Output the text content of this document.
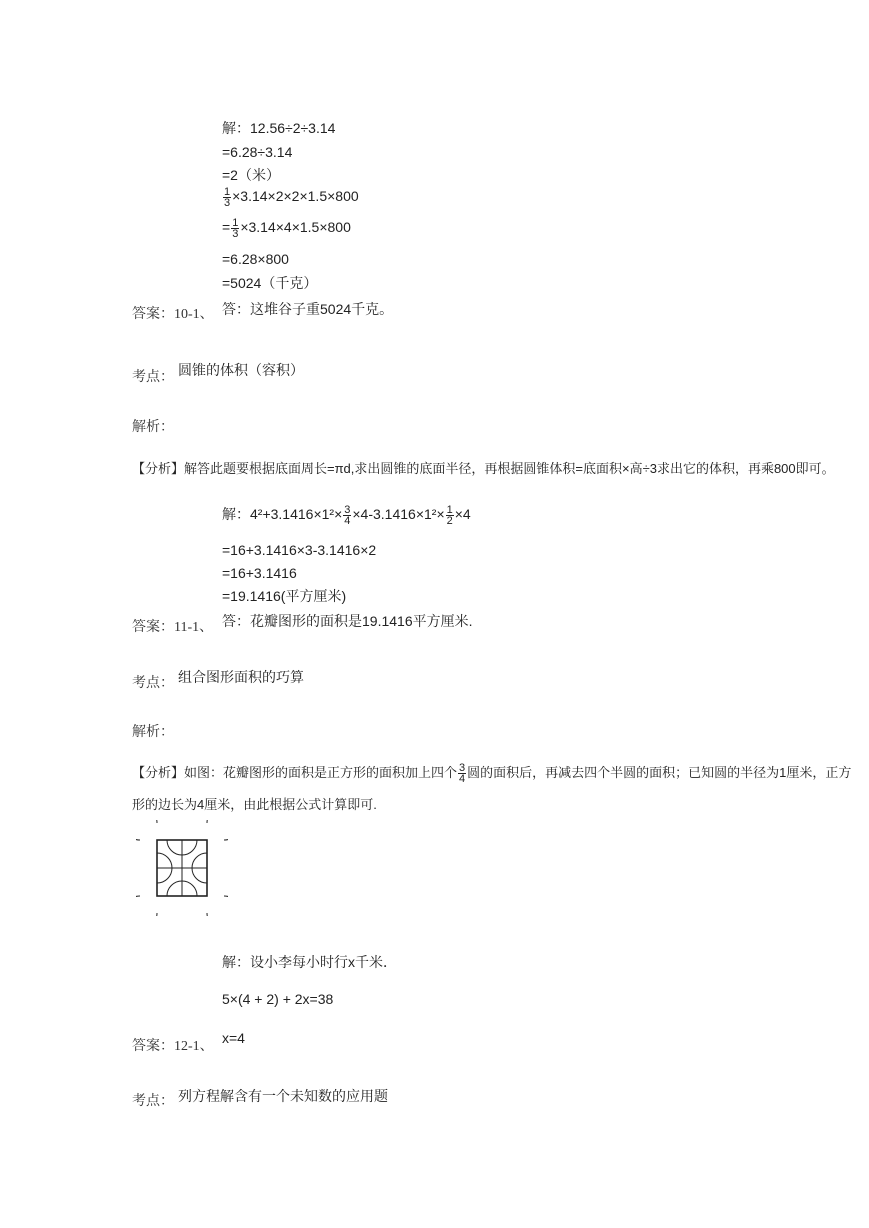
解：12.56÷2÷3.14
=6.28÷3.14
=2（米）
$\frac{1}{3} \times 3.14\times 2\times 2\times 1.5\times 800$
= $\frac{1}{3} \times 3.14\times 4\times 1.5\times 800$
=6.28×800
=5024（千克）
答案：10-1、 答：这堆谷子重5024千克。
考点： 圆锥的体积（容积）
解析：
【分析】解答此题要根据底面周长=πd,求出圆锥的底面半径，再根据圆锥体积=底面积×高÷3求出它的体积，再乘800即可。
解：$4^2+3.1416\times 1^2\times \frac{3}{4} \times 4-3.1416\times 1^2\times \frac{1}{2} \times 4$
=16+3.1416×3-3.1416×2
=16+3.1416
=19.1416(平方厘米)
答案：11-1、 答：花瓣图形的面积是19.1416平方厘米.
考点： 组合图形面积的巧算
解析：
【分析】如图：花瓣图形的面积是正方形的面积加上四个 $\frac{3}{4}$ 圆的面积后，再减去四个半圆的面积；已知圆的半径为1厘米，正方
形的边长为4厘米，由此根据公式计算即可.
解：设小李每小时行x千米．
5×(4 + 2) + 2x=38
答案：12-1、
x=4
考点： 列方程解含有一个未知数的应用题
